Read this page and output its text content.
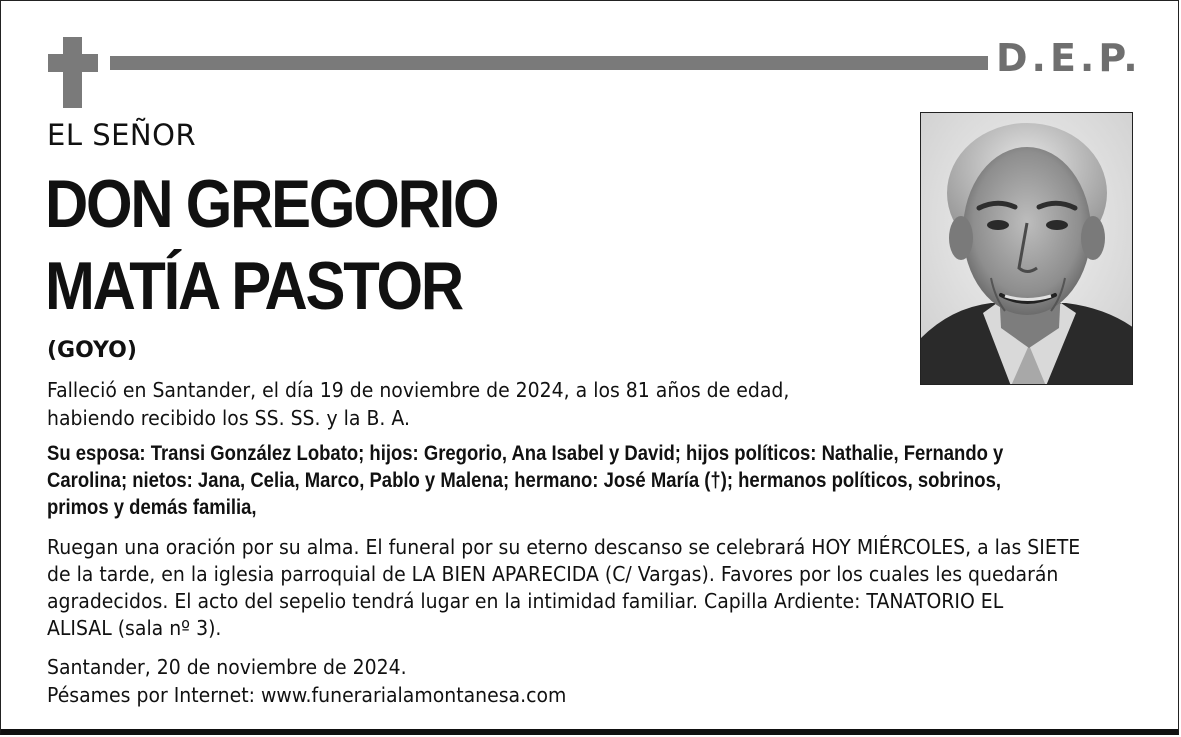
D.E.P.
EL SEÑOR
DON GREGORIO
MATÍA PASTOR
(GOYO)
Falleció en Santander, el día 19 de noviembre de 2024, a los 81 años de edad,
habiendo recibido los SS. SS. y la B. A.
Su esposa: Transi González Lobato; hijos: Gregorio, Ana Isabel y David; hijos políticos: Nathalie, Fernando y
Carolina; nietos: Jana, Celia, Marco, Pablo y Malena; hermano: José María (†); hermanos políticos, sobrinos,
primos y demás familia,
Ruegan una oración por su alma. El funeral por su eterno descanso se celebrará HOY MIÉRCOLES, a las SIETE
de la tarde, en la iglesia parroquial de LA BIEN APARECIDA (C/ Vargas). Favores por los cuales les quedarán
agradecidos. El acto del sepelio tendrá lugar en la intimidad familiar. Capilla Ardiente: TANATORIO EL
ALISAL (sala nº 3).
Santander, 20 de noviembre de 2024.
Pésames por Internet: www.funerarialamontanesa.com
